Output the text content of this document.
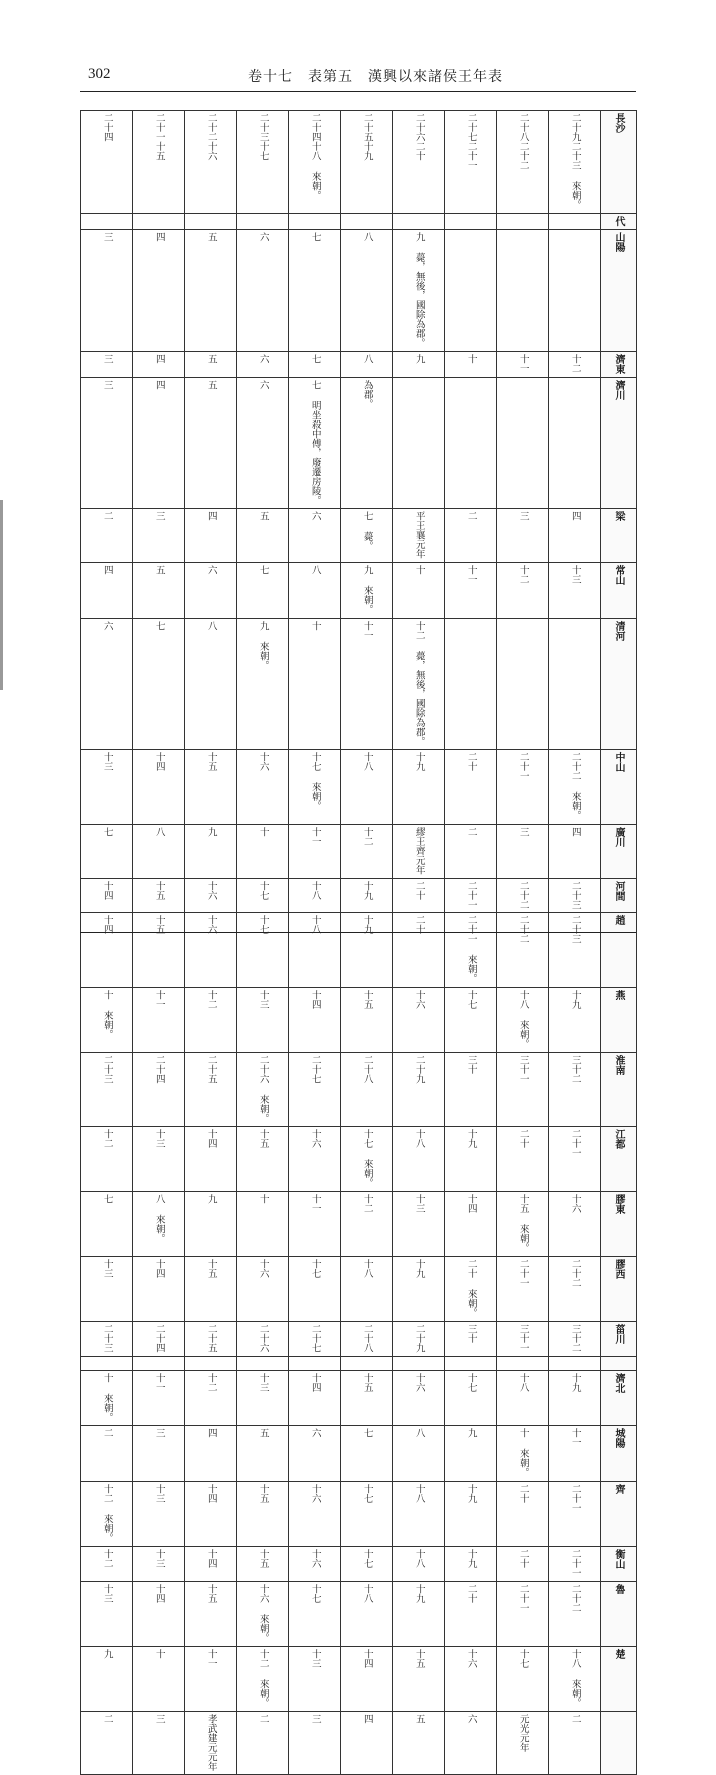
302	卷十七　表第五　漢興以來諸侯王年表
二十四	二十一十五	二十二十六	二十三十七	二十四十八 來朝。	二十五十九	二十六二十	二十七二十一	二十八二十二	二十九二十三 來朝。	長沙
										代
三	四	五	六	七	八	九 薨，無後，國除為郡。				山陽
三	四	五	六	七	八	九	十	十一	十二	濟東
三	四	五	六	七 明坐殺中傅，廢遷房陵。	為郡。					濟川
二	三	四	五	六	七 薨。	平王襄元年	二	三	四	梁
四	五	六	七	八	九 來朝。	十	十一	十二	十三	常山
六	七	八	九 來朝。	十	十一	十二 薨，無後，國除為郡。				清河
十三	十四	十五	十六	十七 來朝。	十八	十九	二十	二十一	二十二 來朝。	中山
七	八	九	十	十一	十二	繆王齊元年	二	三	四	廣川
十四	十五	十六	十七	十八	十九	二十	二十一	二十二	二十三	河間
十四	十五	十六	十七	十八	十九	二十	二十一 來朝。	二十二	二十三	趙
十 來朝。	十一	十二	十三	十四	十五	十六	十七	十八 來朝。	十九	燕
二十三	二十四	二十五	二十六 來朝。	二十七	二十八	二十九	三十	三十一	三十二	淮南
十二	十三	十四	十五	十六	十七 來朝。	十八	十九	二十	二十一	江都
七	八 來朝。	九	十	十一	十二	十三	十四	十五 來朝。	十六	膠東
十三	十四	十五	十六	十七	十八	十九	二十 來朝。	二十一	二十二	膠西
二十三	二十四	二十五	二十六	二十七	二十八	二十九	三十	三十一	三十二	菑川

十 來朝。	十一	十二	十三	十四	十五	十六	十七	十八	十九	濟北
二	三	四	五	六	七	八	九	十 來朝。	十一	城陽
十二 來朝。	十三	十四	十五	十六	十七	十八	十九	二十	二十一	齊
十二	十三	十四	十五	十六	十七	十八	十九	二十	二十一	衡山
十三	十四	十五	十六 來朝。	十七	十八	十九	二十	二十一	二十二	魯
九	十	十一	十二 來朝。	十三	十四	十五	十六	十七	十八 來朝。	楚
二	三	孝武建元元年	二	三	四	五	六	元光元年	二	
